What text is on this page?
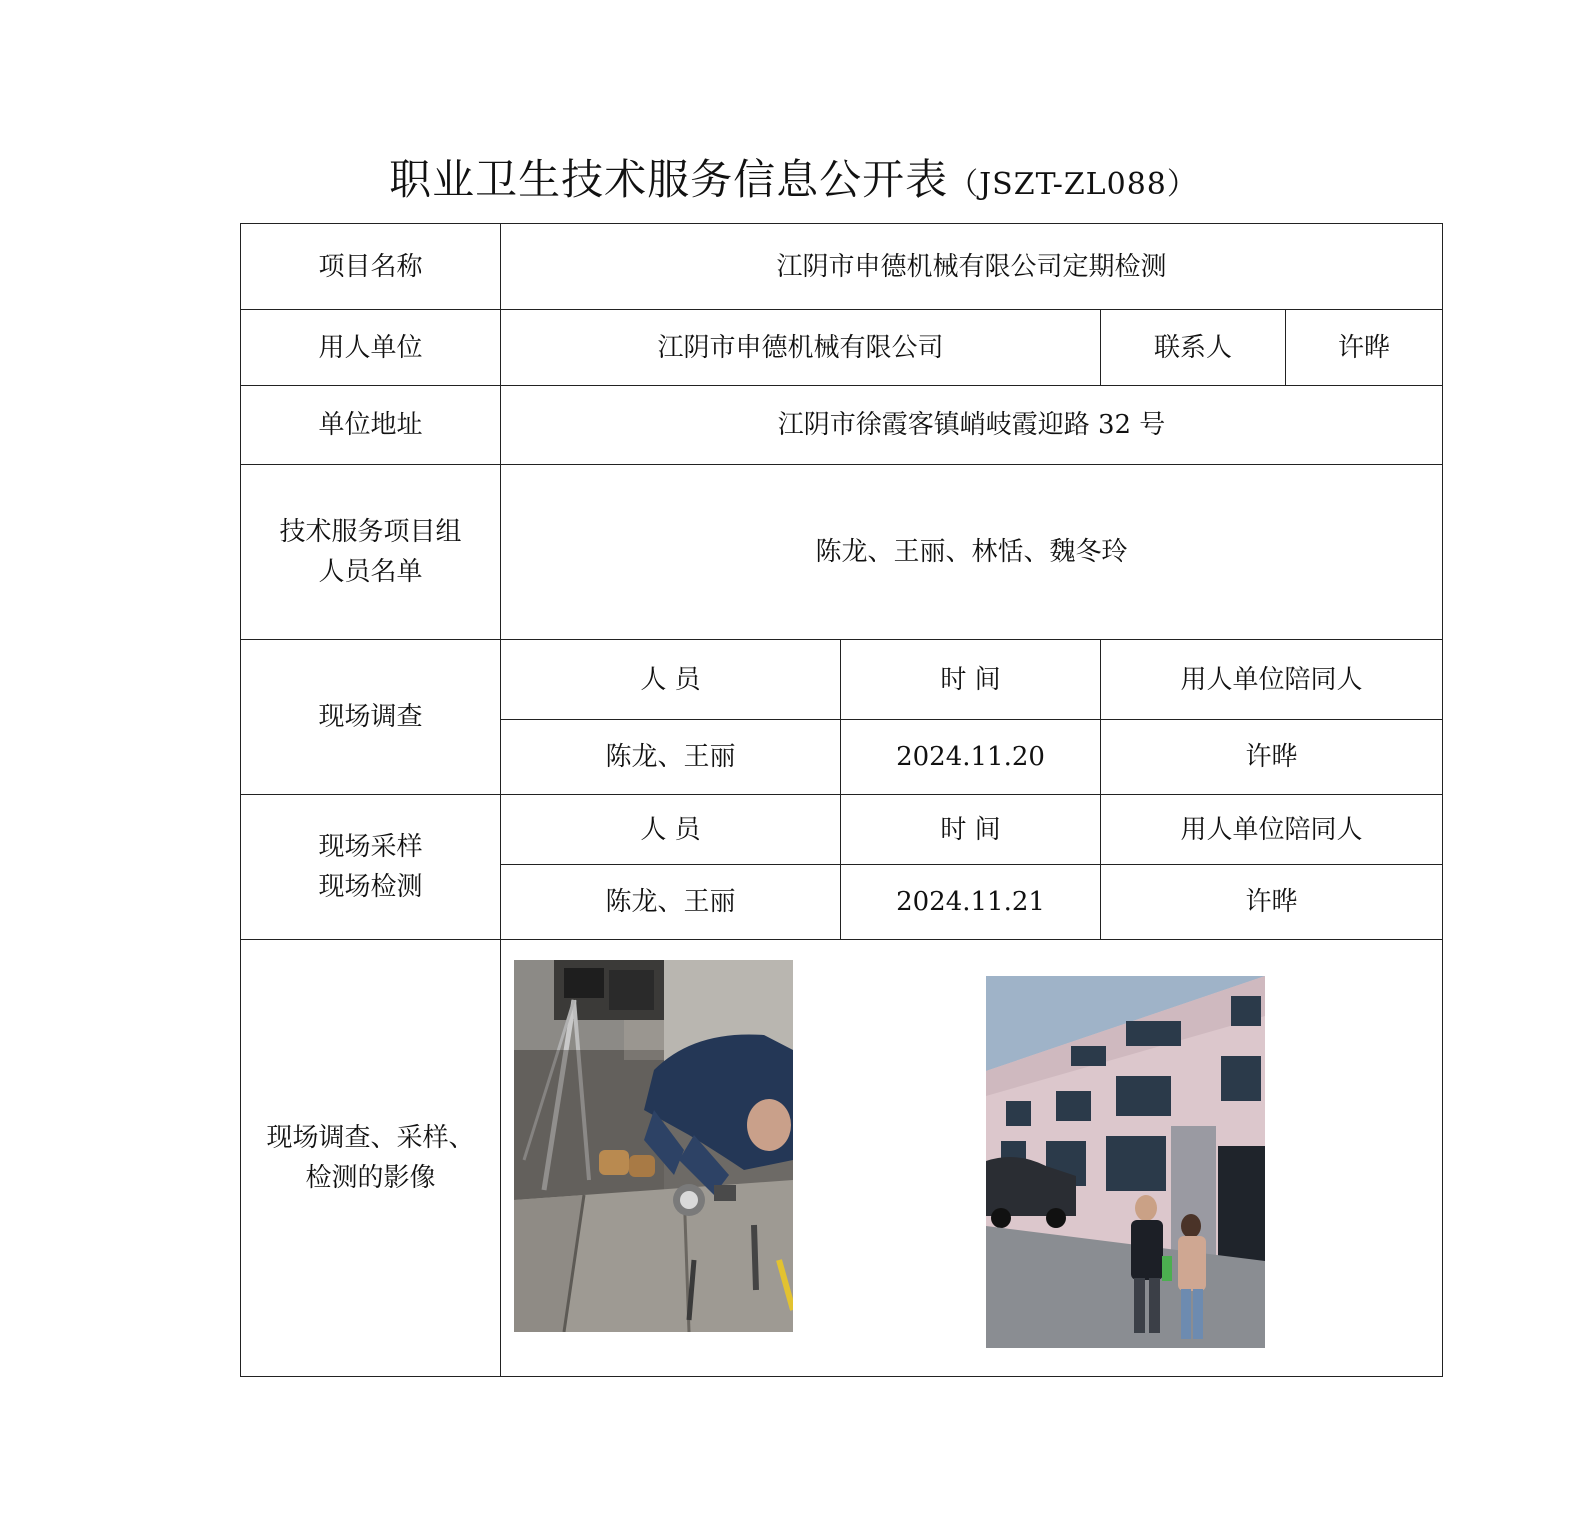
职业卫生技术服务信息公开表（JSZT-ZL088）
项目名称	江阴市申德机械有限公司定期检测			
用人单位	江阴市申德机械有限公司		联系人	许晔
单位地址	江阴市徐霞客镇峭岐霞迎路 32 号			

技术服务项目组
人员名单	陈龙、王丽、林恬、魏冬玲			
现场调查	人 员	时 间	用人单位陪同人	
	陈龙、王丽	2024.11.20	许晔	

现场采样
现场检测	人 员	时 间	用人单位陪同人	
	陈龙、王丽	2024.11.21	许晔	

现场调查、采样、
检测的影像				
